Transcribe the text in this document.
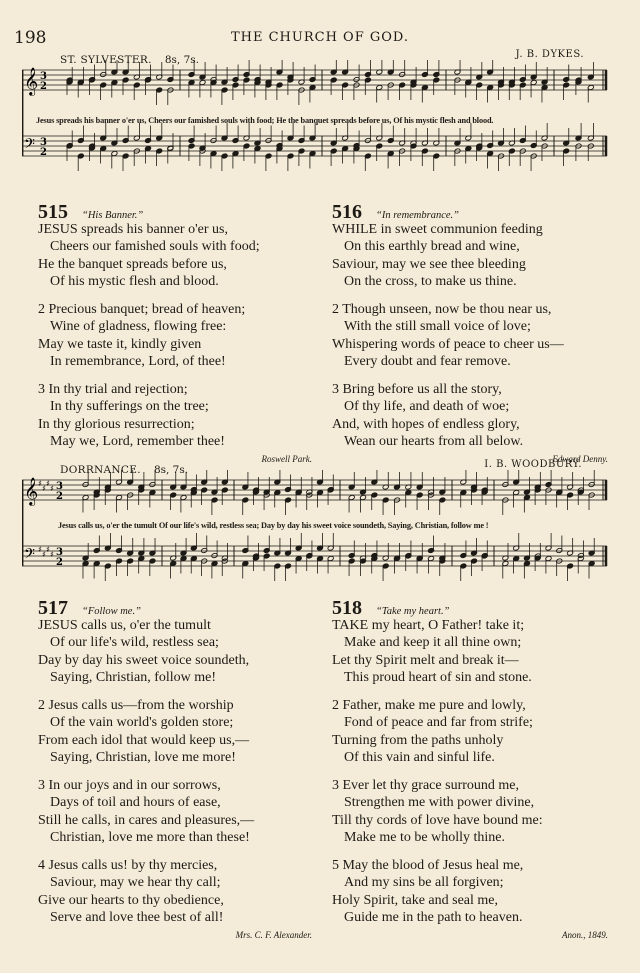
198	THE CHURCH OF GOD.
ST. SYLVESTER. 8s, 7s.	J. B. DYKES.
𝄞 3
2
𝄢 3
2
Jesus spreads his banner o'er us, Cheers our famished souls with food; He the banquet spreads before us, Of his mystic flesh and blood.
515 “His Banner.”
JESUS spreads his banner o'er us,
Cheers our famished souls with food;
He the banquet spreads before us,
Of his mystic flesh and blood.
2 Precious banquet; bread of heaven;
Wine of gladness, flowing free:
May we taste it, kindly given
In remembrance, Lord, of thee!
3 In thy trial and rejection;
In thy sufferings on the tree;
In thy glorious resurrection;
May we, Lord, remember thee!
Roswell Park.
516 “In remembrance.”
WHILE in sweet communion feeding
On this earthly bread and wine,
Saviour, may we see thee bleeding
On the cross, to make us thine.
2 Though unseen, now be thou near us,
With the still small voice of love;
Whispering words of peace to cheer us—
Every doubt and fear remove.
3 Bring before us all the story,
Of thy life, and death of woe;
And, with hopes of endless glory,
Wean our hearts from all below.
Edward Denny.
DORRNANCE. 8s, 7s.	I. B. WOODBURY.
𝄞 ♯
♯
♯
♯ 3
2
𝄢 ♯
♯
♯
♯ 3
2
Jesus calls us, o'er the tumult Of our life's wild, restless sea; Day by day his sweet voice soundeth, Saying, Christian, follow me !
517 “Follow me.”
JESUS calls us, o'er the tumult
Of our life's wild, restless sea;
Day by day his sweet voice soundeth,
Saying, Christian, follow me!
2 Jesus calls us—from the worship
Of the vain world's golden store;
From each idol that would keep us,—
Saying, Christian, love me more!
3 In our joys and in our sorrows,
Days of toil and hours of ease,
Still he calls, in cares and pleasures,—
Christian, love me more than these!
4 Jesus calls us! by thy mercies,
Saviour, may we hear thy call;
Give our hearts to thy obedience,
Serve and love thee best of all!
Mrs. C. F. Alexander.
518 “Take my heart.”
TAKE my heart, O Father! take it;
Make and keep it all thine own;
Let thy Spirit melt and break it—
This proud heart of sin and stone.
2 Father, make me pure and lowly,
Fond of peace and far from strife;
Turning from the paths unholy
Of this vain and sinful life.
3 Ever let thy grace surround me,
Strengthen me with power divine,
Till thy cords of love have bound me:
Make me to be wholly thine.
5 May the blood of Jesus heal me,
And my sins be all forgiven;
Holy Spirit, take and seal me,
Guide me in the path to heaven.
Anon., 1849.
